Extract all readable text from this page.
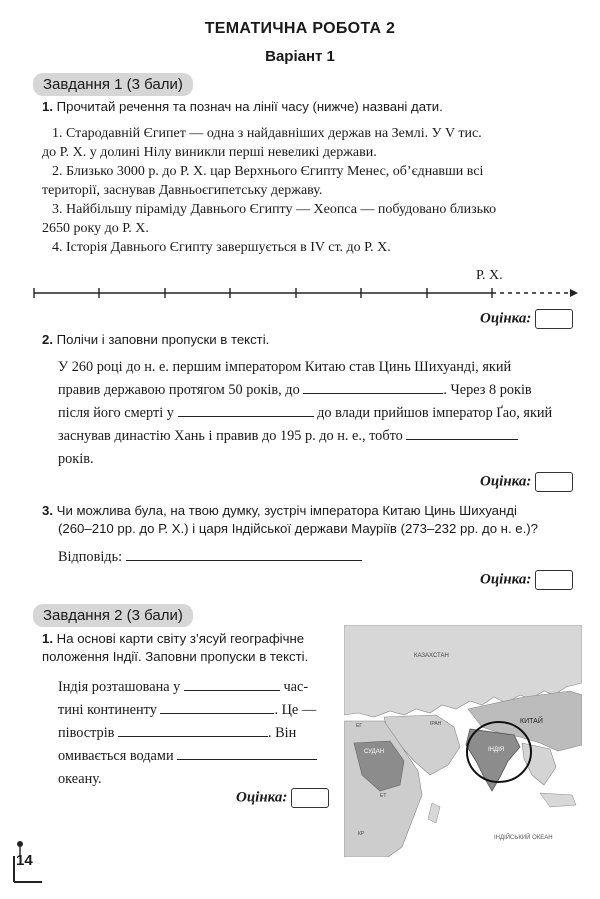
ТЕМАТИЧНА РОБОТА 2
Варіант 1
Завдання 1 (3 бали)
1. Прочитай речення та познач на лінії часу (нижче) названі дати.
1. Стародавній Єгипет — одна з найдавніших держав на Землі. У V тис.
до Р. Х. у долині Нілу виникли перші невеликі держави.
2. Близько 3000 р. до Р. Х. цар Верхнього Єгипту Менес, об’єднавши всі
території, заснував Давньоєгипетську державу.
3. Найбільшу піраміду Давнього Єгипту — Хеопса — побудовано близько
2650 року до Р. Х.
4. Історія Давнього Єгипту завершується в IV ст. до Р. Х.
Р. Х.
Оцінка:
2. Полічи і заповни пропуски в тексті.
У 260 році до н. е. першим імператором Китаю став Цинь Шихуанді, який
правив державою протягом 50 років, до	. Через 8 років
після його смерті у	до влади прийшов імператор Ґао, який
заснував династію Хань і правив до 195 р. до н. е., тобто
років.
Оцінка:
3. Чи можлива була, на твою думку, зустріч імператора Китаю Цинь Шихуанді
(260–210 рр. до Р. Х.) і царя Індійської держави Мауріїв (273–232 рр. до н. е.)?
Відповідь:
Оцінка:
Завдання 2 (3 бали)
1. На основі карти світу з’ясуй географічне
положення Індії. Заповни пропуски в тексті.
Індія розташована у	час-
тині континенту	. Це —
півострів	. Він
омивається водами
океану.
Оцінка:
КАЗАХСТАН
КИТАЙ
ІНДІЯ
СУДАН
ІНДІЙСЬКИЙ ОКЕАН
ЕГ
ЕТ
КР
ІРАН
14
